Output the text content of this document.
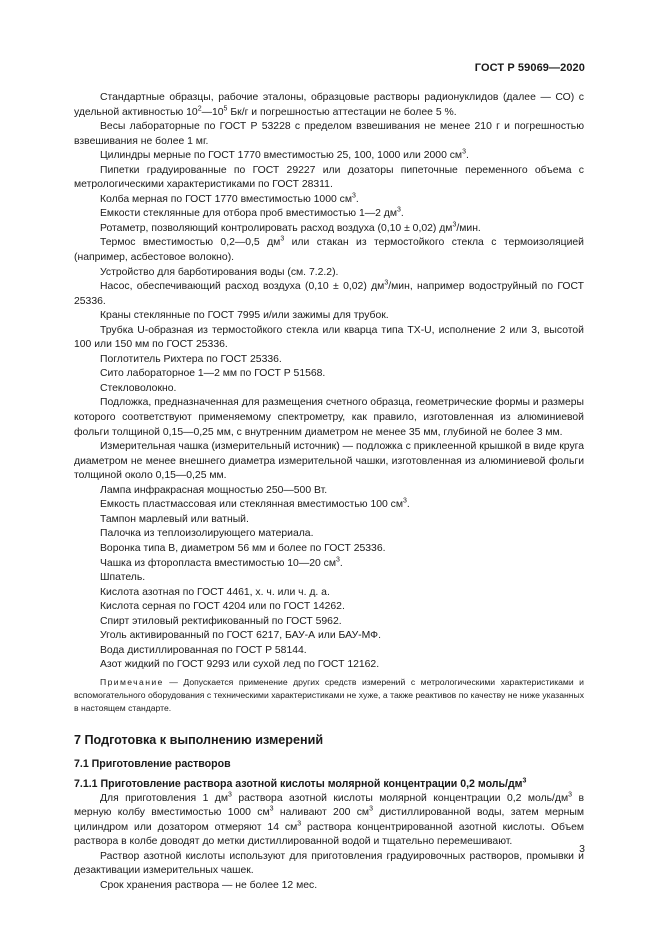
ГОСТ Р 59069—2020

Стандартные образцы, рабочие эталоны, образцовые растворы радионуклидов (далее — СО) с удельной активностью $10^2—10^5$ Бк/г и погрешностью аттестации не более 5 %.

Весы лабораторные по ГОСТ Р 53228 с пределом взвешивания не менее 210 г и погрешностью взвешивания не более 1 мг.

Цилиндры мерные по ГОСТ 1770 вместимостью 25, 100, 1000 или 2000 $см^3$.

Пипетки градуированные по ГОСТ 29227 или дозаторы пипеточные переменного объема с метрологическими характеристиками по ГОСТ 28311.

Колба мерная по ГОСТ 1770 вместимостью 1000 $см^3$.

Емкости стеклянные для отбора проб вместимостью 1—2 $дм^3$.

Ротаметр, позволяющий контролировать расход воздуха (0,10 ± 0,02) $дм^3$/мин.

Термос вместимостью 0,2—0,5 $дм^3$ или стакан из термостойкого стекла с термоизоляцией (например, асбестовое волокно).

Устройство для барботирования воды (см. 7.2.2).

Насос, обеспечивающий расход воздуха (0,10 ± 0,02) $дм^3$/мин, например водоструйный по ГОСТ 25336.

Краны стеклянные по ГОСТ 7995 и/или зажимы для трубок.

Трубка U-образная из термостойкого стекла или кварца типа TX-U, исполнение 2 или 3, высотой 100 или 150 мм по ГОСТ 25336.

Поглотитель Рихтера по ГОСТ 25336.

Сито лабораторное 1—2 мм по ГОСТ Р 51568.

Стекловолокно.

Подложка, предназначенная для размещения счетного образца, геометрические формы и размеры которого соответствуют применяемому спектрометру, как правило, изготовленная из алюминиевой фольги толщиной 0,15—0,25 мм, с внутренним диаметром не менее 35 мм, глубиной не более 3 мм.

Измерительная чашка (измерительный источник) — подложка с приклеенной крышкой в виде круга диаметром не менее внешнего диаметра измерительной чашки, изготовленная из алюминиевой фольги толщиной около 0,15—0,25 мм.

Лампа инфракрасная мощностью 250—500 Вт.

Емкость пластмассовая или стеклянная вместимостью 100 $см^3$.

Тампон марлевый или ватный.

Палочка из теплоизолирующего материала.

Воронка типа В, диаметром 56 мм и более по ГОСТ 25336.

Чашка из фторопласта вместимостью 10—20 $см^3$.

Шпатель.

Кислота азотная по ГОСТ 4461, х. ч. или ч. д. а.

Кислота серная по ГОСТ 4204 или по ГОСТ 14262.

Спирт этиловый ректификованный по ГОСТ 5962.

Уголь активированный по ГОСТ 6217, БАУ-А или БАУ-МФ.

Вода дистиллированная по ГОСТ Р 58144.

Азот жидкий по ГОСТ 9293 или сухой лед по ГОСТ 12162.

Примечание — Допускается применение других средств измерений с метрологическими характеристиками и вспомогательного оборудования с техническими характеристиками не хуже, а также реактивов по качеству не ниже указанных в настоящем стандарте.
7 Подготовка к выполнению измерений
7.1 Приготовление растворов
7.1.1 Приготовление раствора азотной кислоты молярной концентрации 0,2 моль/$дм^3$

Для приготовления 1 $дм^3$ раствора азотной кислоты молярной концентрации 0,2 моль/$дм^3$ в мерную колбу вместимостью 1000 $см^3$ наливают 200 $см^3$ дистиллированной воды, затем мерным цилиндром или дозатором отмеряют 14 $см^3$ раствора концентрированной азотной кислоты. Объем раствора в колбе доводят до метки дистиллированной водой и тщательно перемешивают.

Раствор азотной кислоты используют для приготовления градуировочных растворов, промывки и дезактивации измерительных чашек.

Срок хранения раствора — не более 12 мес.

3
